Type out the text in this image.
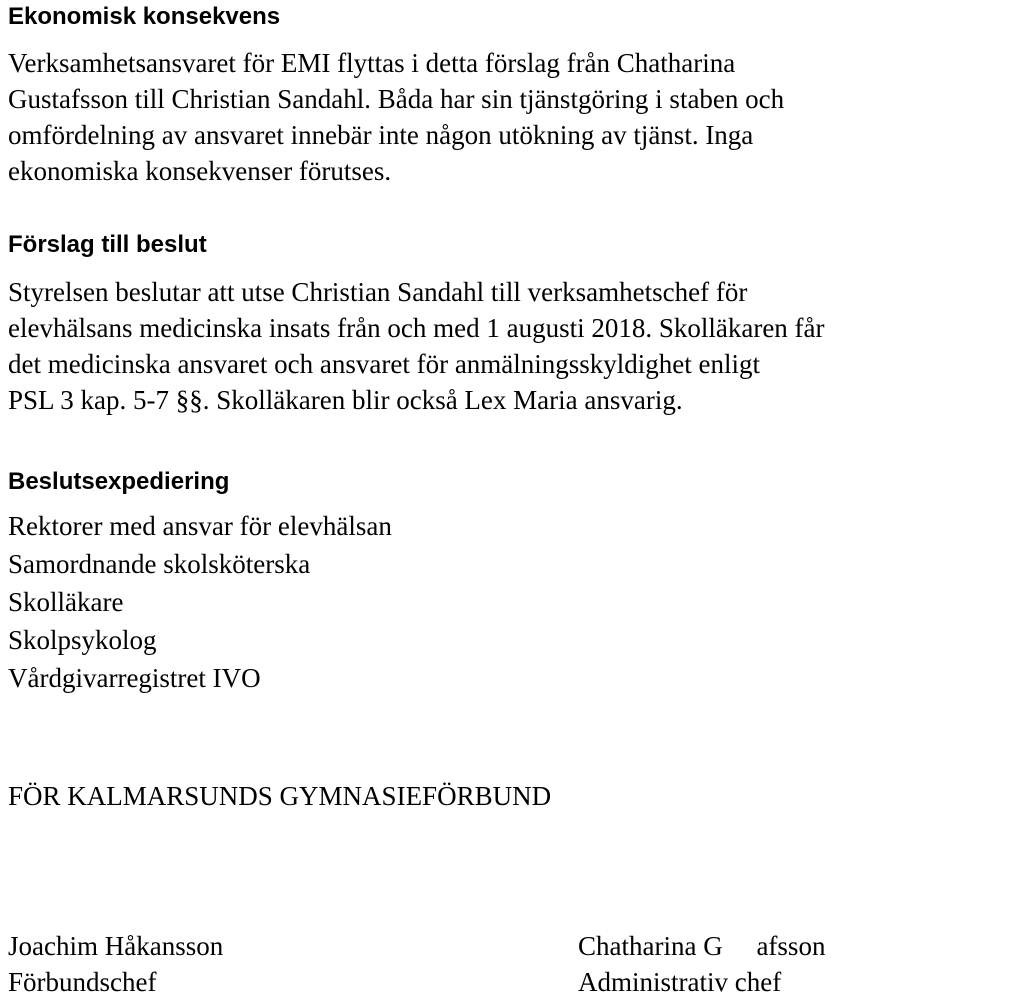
Ekonomisk konsekvens

Verksamhetsansvaret för EMI flyttas i detta förslag från Chatharina
Gustafsson till Christian Sandahl. Båda har sin tjänstgöring i staben och
omfördelning av ansvaret innebär inte någon utökning av tjänst. Inga
ekonomiska konsekvenser förutses.

Förslag till beslut

Styrelsen beslutar att utse Christian Sandahl till verksamhetschef för
elevhälsans medicinska insats från och med 1 augusti 2018. Skolläkaren får
det medicinska ansvaret och ansvaret för anmälningsskyldighet enligt
PSL 3 kap. 5-7 §§. Skolläkaren blir också Lex Maria ansvarig.

Beslutsexpediering
Rektorer med ansvar för elevhälsan
Samordnande skolsköterska
Skolläkare
Skolpsykolog
Vårdgivarregistret IVO
FÖR KALMARSUNDS GYMNASIEFÖRBUND
Joachim Håkansson
Förbundschef
Chatharina G     afsson
Administrativ chef
